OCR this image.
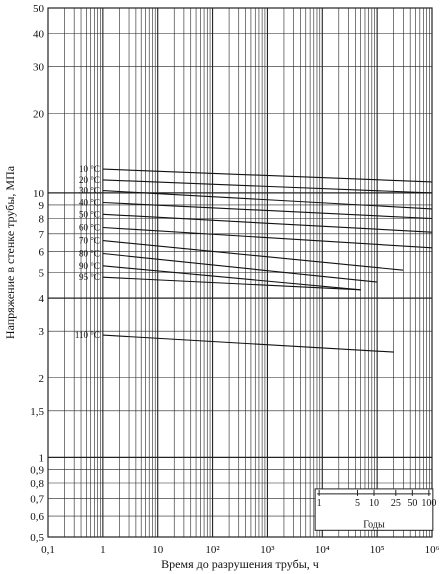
10 °C
20 °C
30 °C
40 °C
50 °C
60 °C
70 °C
80 °C
90 °C
95 °C
110 °C
1	5 10 25 50 100
Годы
50
40
30
20
10
9
8
7
6
5
4
3
2
1,5
1
0,9
0,8
0,7
0,6
0,5
0,1	1	10	10²	10³	10⁴	10⁵	10⁶
Время до разрушения трубы, ч
Напряжение в стенке трубы, МПа
